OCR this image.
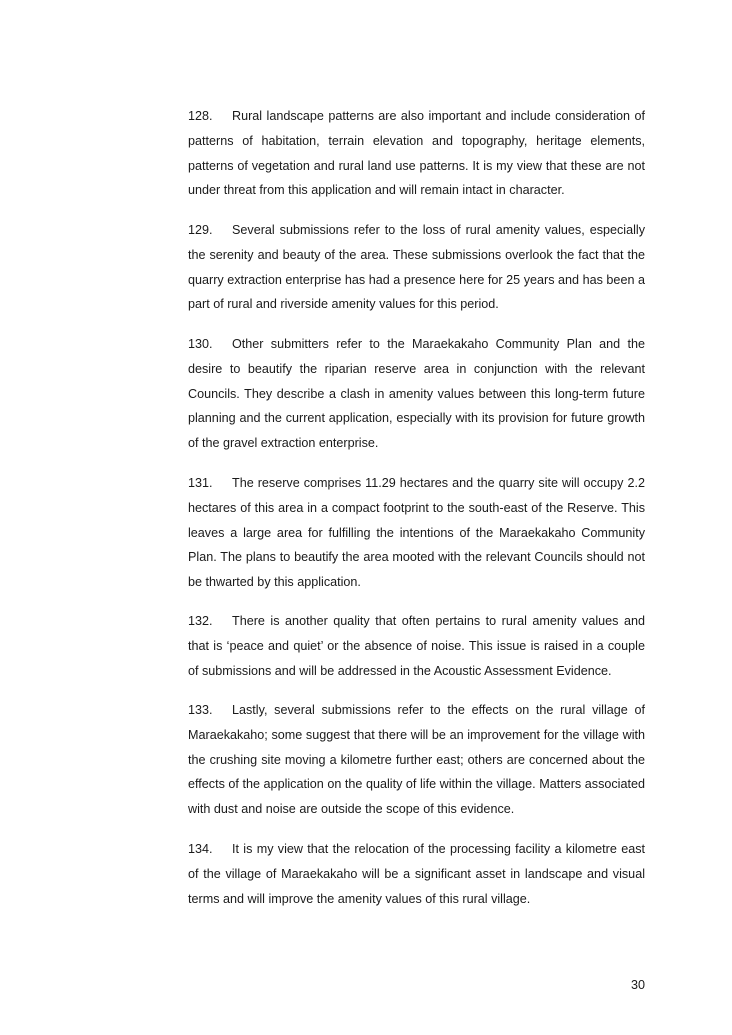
128. Rural landscape patterns are also important and include consideration of patterns of habitation, terrain elevation and topography, heritage elements, patterns of vegetation and rural land use patterns. It is my view that these are not under threat from this application and will remain intact in character.

129. Several submissions refer to the loss of rural amenity values, especially the serenity and beauty of the area. These submissions overlook the fact that the quarry extraction enterprise has had a presence here for 25 years and has been a part of rural and riverside amenity values for this period.

130. Other submitters refer to the Maraekakaho Community Plan and the desire to beautify the riparian reserve area in conjunction with the relevant Councils. They describe a clash in amenity values between this long-term future planning and the current application, especially with its provision for future growth of the gravel extraction enterprise.

131. The reserve comprises 11.29 hectares and the quarry site will occupy 2.2 hectares of this area in a compact footprint to the south-east of the Reserve. This leaves a large area for fulfilling the intentions of the Maraekakaho Community Plan. The plans to beautify the area mooted with the relevant Councils should not be thwarted by this application.

132. There is another quality that often pertains to rural amenity values and that is ‘peace and quiet’ or the absence of noise. This issue is raised in a couple of submissions and will be addressed in the Acoustic Assessment Evidence.

133. Lastly, several submissions refer to the effects on the rural village of Maraekakaho; some suggest that there will be an improvement for the village with the crushing site moving a kilometre further east; others are concerned about the effects of the application on the quality of life within the village. Matters associated with dust and noise are outside the scope of this evidence.

134. It is my view that the relocation of the processing facility a kilometre east of the village of Maraekakaho will be a significant asset in landscape and visual terms and will improve the amenity values of this rural village.

30
